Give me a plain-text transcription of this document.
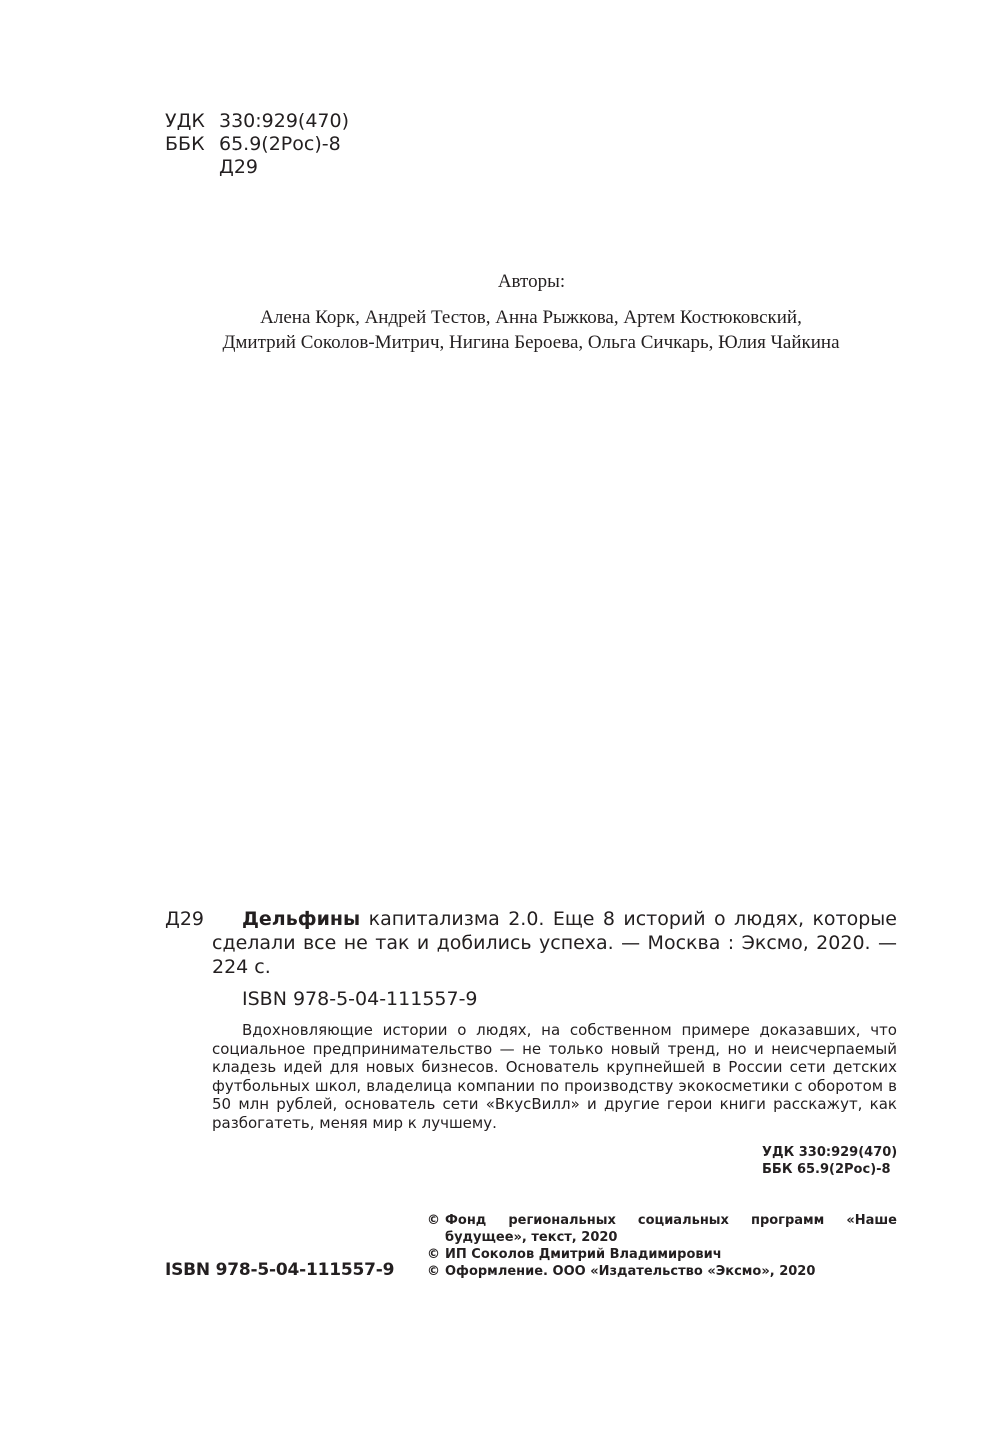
УДК 330:929(470)
ББК 65.9(2Рос)-8
Д29
Авторы:
Алена Корк, Андрей Тестов, Анна Рыжкова, Артем Костюковский,
Дмитрий Соколов-Митрич, Нигина Бероева, Ольга Сичкарь, Юлия Чайкина
Д29	Дельфины капитализма 2.0. Еще 8 историй о людях, которые сделали все не так и добились успеха. — Москва : Эксмо, 2020. — 224 с.
ISBN 978-5-04-111557-9
Вдохновляющие истории о людях, на собственном примере доказавших, что социальное предпринимательство — не только новый тренд, но и неисчерпаемый кладезь идей для новых бизнесов. Основатель крупнейшей в России сети детских футбольных школ, владелица компании по производству экокосметики с оборотом в 50 млн рублей, основатель сети «ВкусВилл» и другие герои книги расскажут, как разбогатеть, меняя мир к лучшему.
УДК 330:929(470)
ББК 65.9(2Рос)-8
ISBN 978-5-04-111557-9
© Фонд региональных социальных программ «Наше будущее», текст, 2020
© ИП Соколов Дмитрий Владимирович
© Оформление. ООО «Издательство «Эксмо», 2020
